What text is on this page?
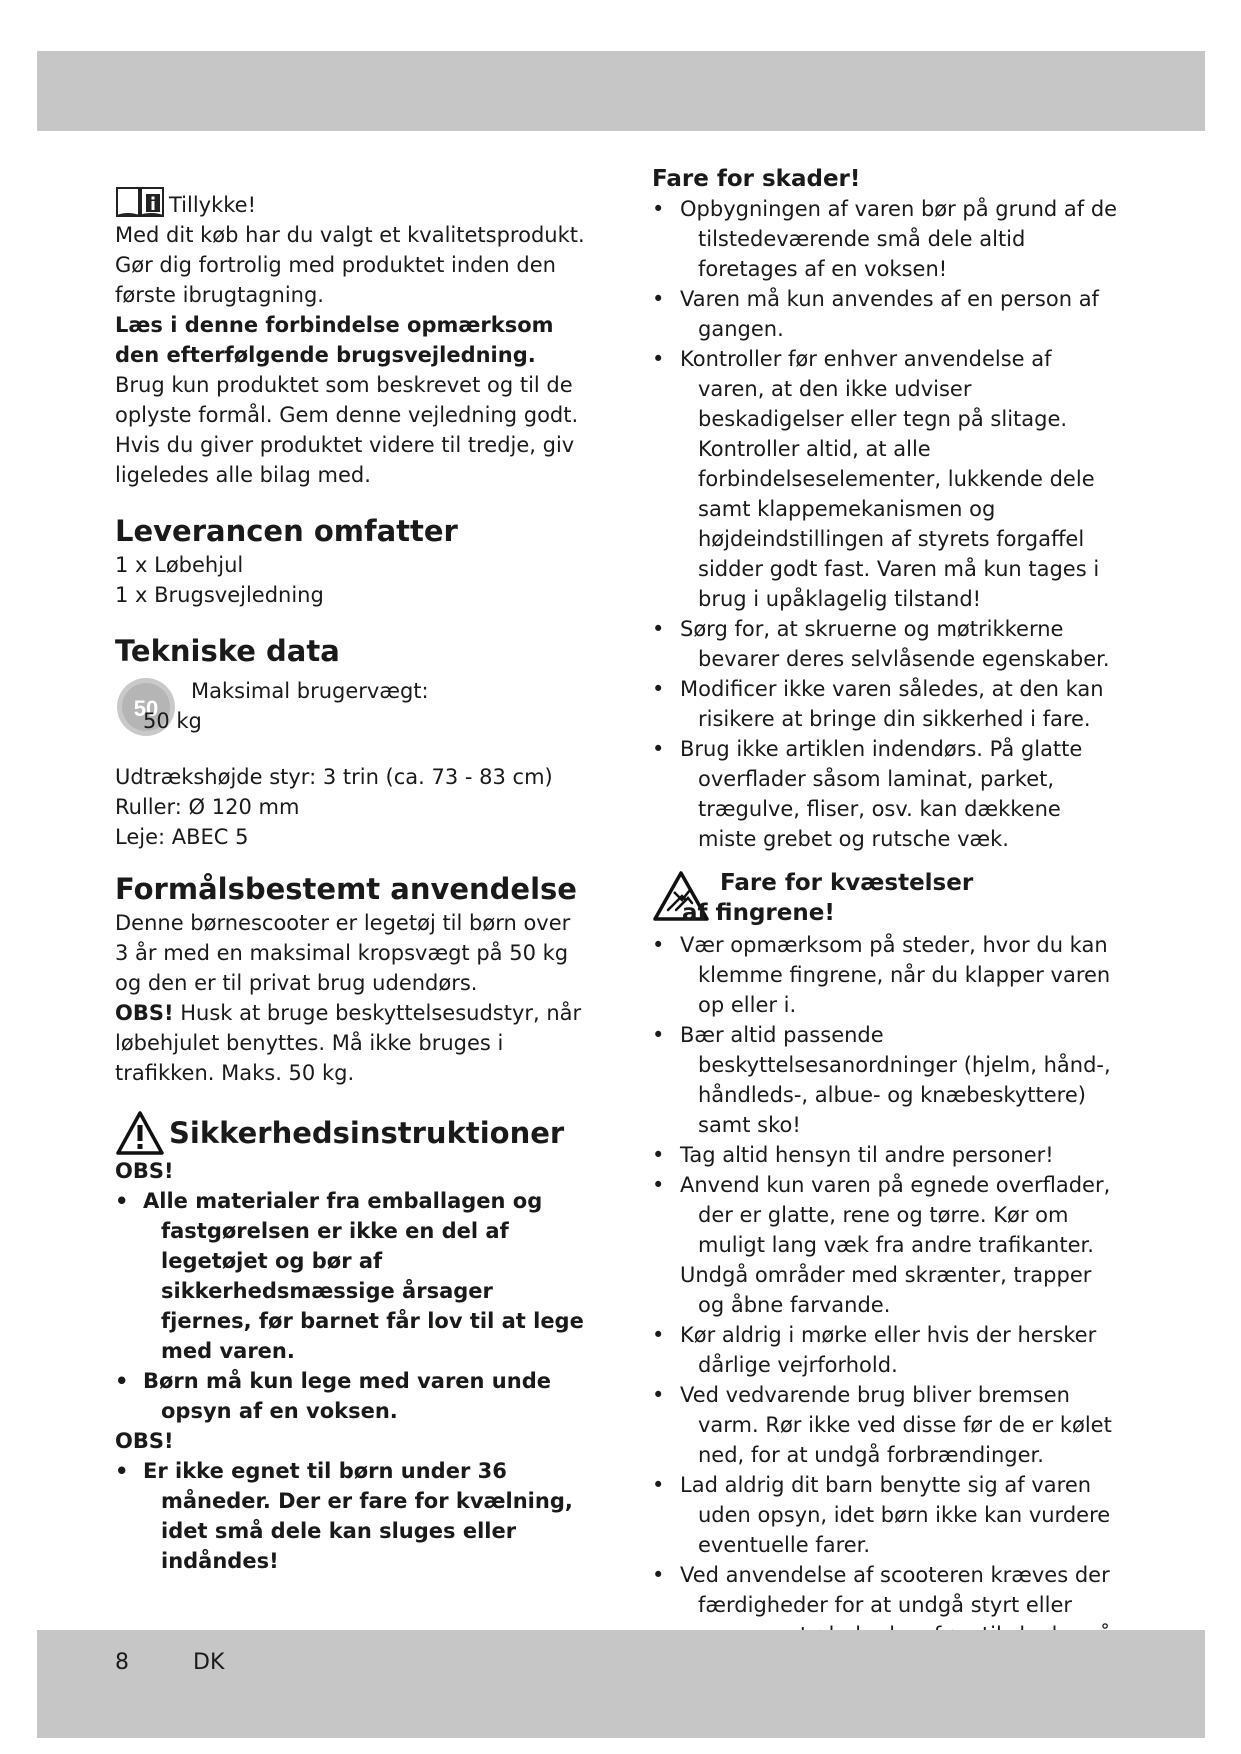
Tillykke!

Med dit køb har du valgt et kvalitetsprodukt.

Gør dig fortrolig med produktet inden den første ibrugtagning.

Læs i denne forbindelse opmærksom den efterfølgende brugsvejledning.

Brug kun produktet som beskrevet og til de oplyste formål. Gem denne vejledning godt.

Hvis du giver produktet videre til tredje, giv ligeledes alle bilag med.

Leverancen omfatter

1 x Løbehjul

1 x Brugsvejledning

Tekniske data
50
Maksimal brugervægt:
50 kg

Udtrækshøjde styr: 3 trin (ca. 73 - 83 cm)

Ruller: Ø 120 mm

Leje: ABEC 5

Formålsbestemt anvendelse

Denne børnescooter er legetøj til børn over 3 år med en maksimal kropsvægt på 50 kg og den er til privat brug udendørs.

OBS! Husk at bruge beskyttelsesudstyr, når løbehjulet benyttes. Må ikke bruges i trafikken. Maks. 50 kg.

Sikkerhedsinstruktioner

OBS!

• Alle materialer fra emballagen og fastgørelsen er ikke en del af legetøjet og bør af sikkerhedsmæssige årsager fjernes, før barnet får lov til at lege med varen.
• Børn må kun lege med varen unde opsyn af en voksen.

OBS!

• Er ikke egnet til børn under 36 måneder. Der er fare for kvælning, idet små dele kan sluges eller indåndes!
Fare for skader!
• Opbygningen af varen bør på grund af de tilstedeværende små dele altid foretages af en voksen!
• Varen må kun anvendes af en person af gangen.
• Kontroller før enhver anvendelse af varen, at den ikke udviser beskadigelser eller tegn på slitage. Kontroller altid, at alle forbindelseselementer, lukkende dele samt klappemekanismen og højdeindstillingen af styrets forgaffel sidder godt fast. Varen må kun tages i brug i upåklagelig tilstand!
• Sørg for, at skruerne og møtrikkerne bevarer deres selvlåsende egenskaber.
• Modificer ikke varen således, at den kan risikere at bringe din sikkerhed i fare.
• Brug ikke artiklen indendørs. På glatte overflader såsom laminat, parket, trægulve, fliser, osv. kan dækkene miste grebet og rutsche væk.
Fare for kvæstelser
af fingrene!
• Vær opmærksom på steder, hvor du kan klemme fingrene, når du klapper varen op eller i.
• Bær altid passende beskyttelsesanordninger (hjelm, hånd-, håndleds-, albue- og knæbeskyttere) samt sko!
• Tag altid hensyn til andre personer!
• Anvend kun varen på egnede overflader, der er glatte, rene og tørre. Kør om muligt lang væk fra andre trafikanter.
Undgå områder med skrænter, trapper og åbne farvande.
• Kør aldrig i mørke eller hvis der hersker dårlige vejrforhold.
• Ved vedvarende brug bliver bremsen varm. Rør ikke ved disse før de er kølet ned, for at undgå forbrændinger.
• Lad aldrig dit barn benytte sig af varen uden opsyn, idet børn ikke kan vurdere eventuelle farer.
• Ved anvendelse af scooteren kræves der færdigheder for at undgå styrt eller
8	DK
